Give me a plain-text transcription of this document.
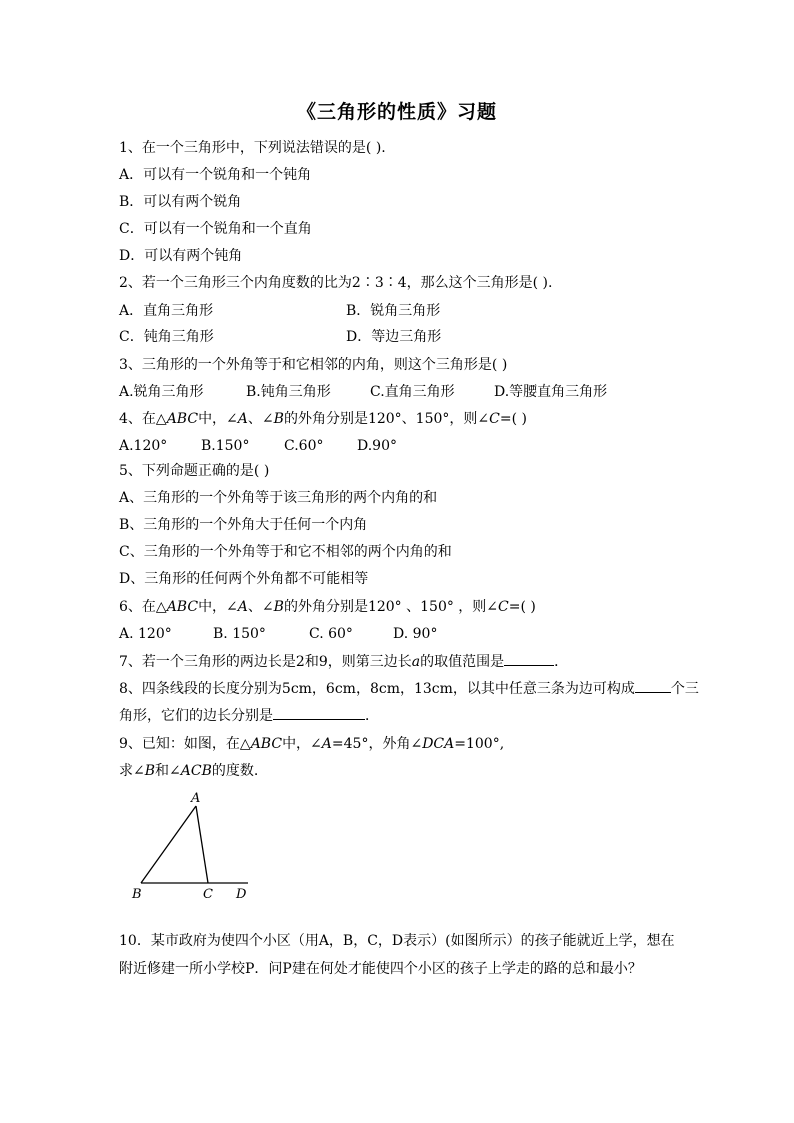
《三角形的性质》习题
1、在一个三角形中，下列说法错误的是( ).
A．可以有一个锐角和一个钝角
B．可以有两个锐角
C．可以有一个锐角和一个直角
D．可以有两个钝角
2、若一个三角形三个内角度数的比为2∶3∶4，那么这个三角形是( ).
A．直角三角形	B．锐角三角形
C．钝角三角形	D．等边三角形
3、三角形的一个外角等于和它相邻的内角，则这个三角形是( )
A.锐角三角形	B.钝角三角形	C.直角三角形	D.等腰直角三角形
4、在△ABC中，∠A、∠B的外角分别是120°、150°，则∠C=( )
A.120° B.150° C.60° D.90°
5、下列命题正确的是( )
A、三角形的一个外角等于该三角形的两个内角的和
B、三角形的一个外角大于任何一个内角
C、三角形的一个外角等于和它不相邻的两个内角的和
D、三角形的任何两个外角都不可能相等
6、在△ABC中，∠A、∠B的外角分别是120° 、150° ，则∠C=( )
A. 120°	B. 150°	C. 60°	D. 90°
7、若一个三角形的两边长是2和9，则第三边长a的取值范围是	．
8、四条线段的长度分别为5cm，6cm，8cm，13cm，以其中任意三条为边可构成	个三
角形，它们的边长分别是	．
9、已知：如图，在△ABC中，∠A=45°，外角∠DCA=100°,
求∠B和∠ACB的度数.
A
B	C D
10．某市政府为使四个小区（用A，B，C，D表示）(如图所示）的孩子能就近上学，想在
附近修建一所小学校P．问P建在何处才能使四个小区的孩子上学走的路的总和最小？
